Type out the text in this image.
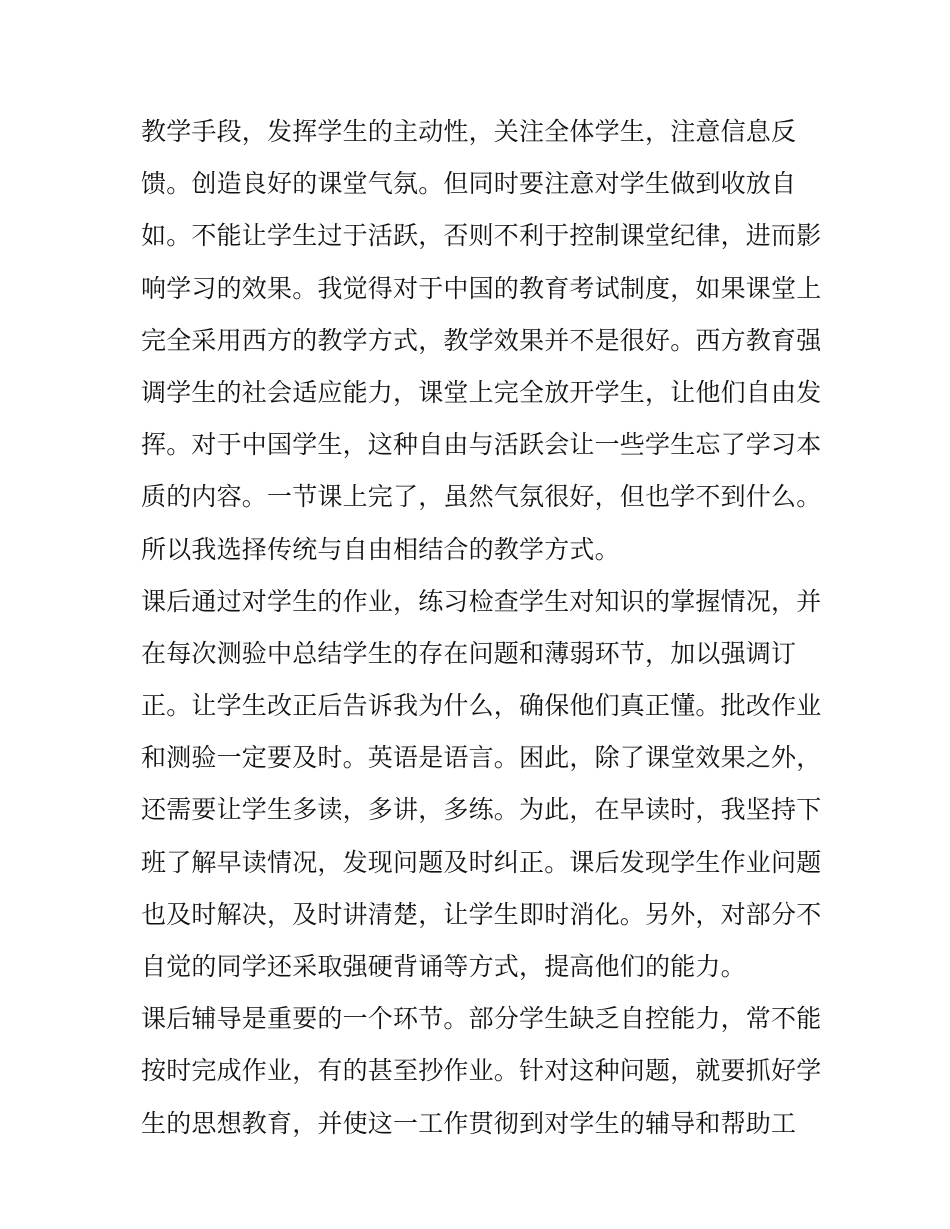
教学手段，发挥学生的主动性，关注全体学生，注意信息反
馈。创造良好的课堂气氛。但同时要注意对学生做到收放自
如。不能让学生过于活跃，否则不利于控制课堂纪律，进而影
响学习的效果。我觉得对于中国的教育考试制度，如果课堂上
完全采用西方的教学方式，教学效果并不是很好。西方教育强
调学生的社会适应能力，课堂上完全放开学生，让他们自由发
挥。对于中国学生，这种自由与活跃会让一些学生忘了学习本
质的内容。一节课上完了，虽然气氛很好，但也学不到什么。
所以我选择传统与自由相结合的教学方式。
课后通过对学生的作业，练习检查学生对知识的掌握情况，并
在每次测验中总结学生的存在问题和薄弱环节，加以强调订
正。让学生改正后告诉我为什么，确保他们真正懂。批改作业
和测验一定要及时。英语是语言。困此，除了课堂效果之外，
还需要让学生多读，多讲，多练。为此，在早读时，我坚持下
班了解早读情况，发现问题及时纠正。课后发现学生作业问题
也及时解决，及时讲清楚，让学生即时消化。另外，对部分不
自觉的同学还采取强硬背诵等方式，提高他们的能力。
课后辅导是重要的一个环节。部分学生缺乏自控能力，常不能
按时完成作业，有的甚至抄作业。针对这种问题，就要抓好学
生的思想教育，并使这一工作贯彻到对学生的辅导和帮助工
